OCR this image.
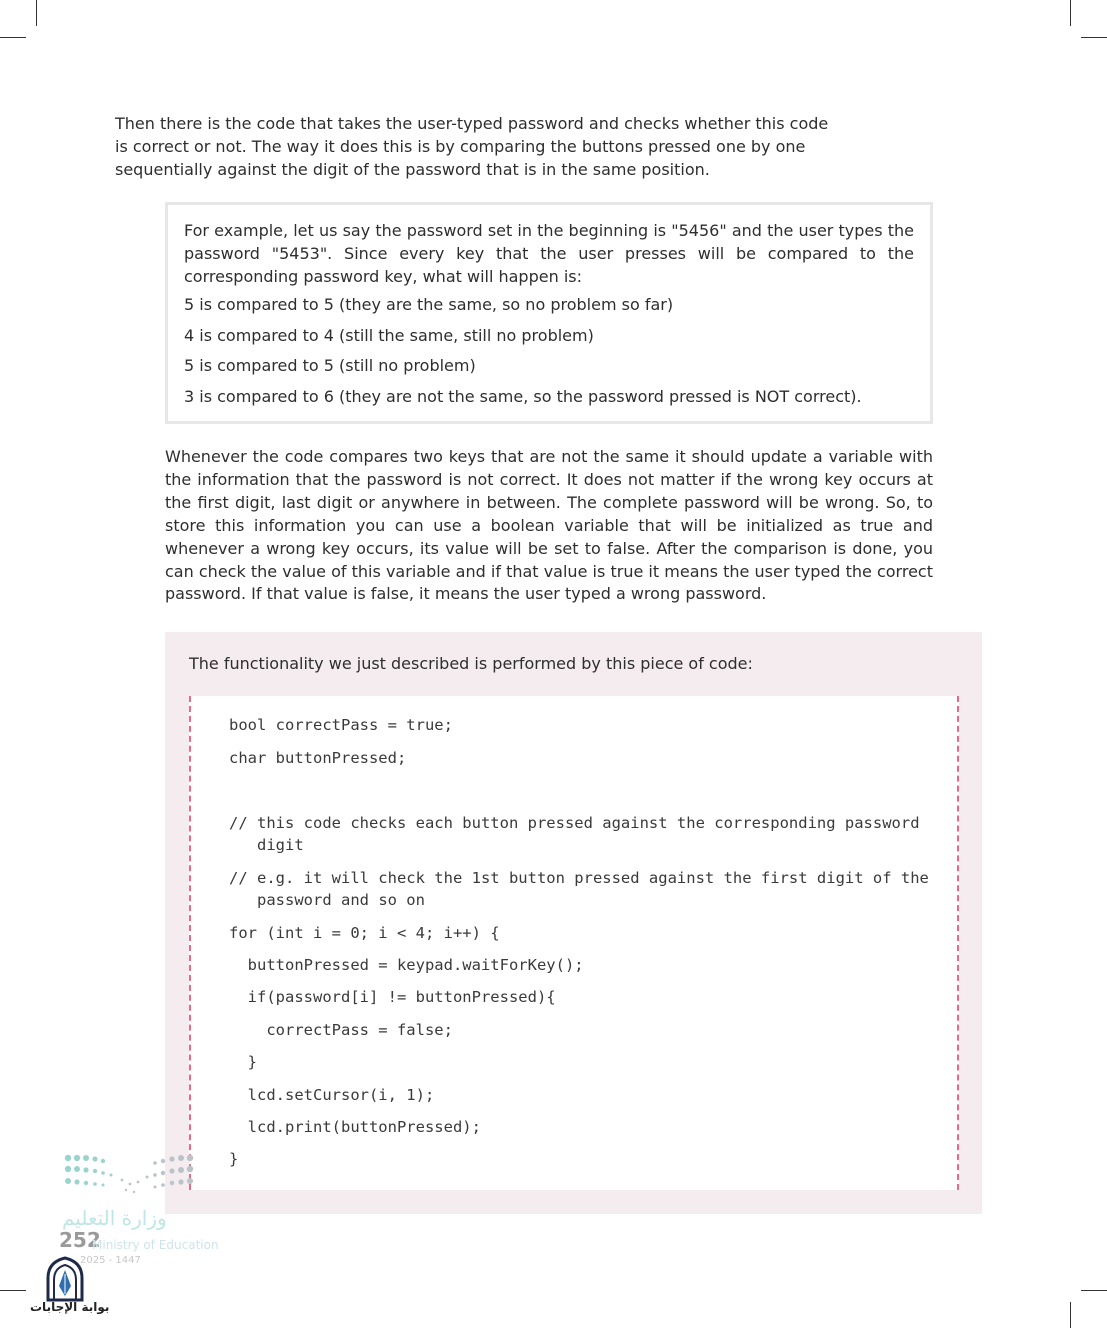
Then there is the code that takes the user-typed password and checks whether this code is correct or not. The way it does this is by comparing the buttons pressed one by one sequentially against the digit of the password that is in the same position.

For example, let us say the password set in the beginning is "5456" and the user types the password "5453". Since every key that the user presses will be compared to the corresponding password key, what will happen is:

5 is compared to 5 (they are the same, so no problem so far)

4 is compared to 4 (still the same, still no problem)

5 is compared to 5 (still no problem)

3 is compared to 6 (they are not the same, so the password pressed is NOT correct).

Whenever the code compares two keys that are not the same it should update a variable with the information that the password is not correct. It does not matter if the wrong key occurs at the first digit, last digit or anywhere in between. The complete password will be wrong. So, to store this information you can use a boolean variable that will be initialized as true and whenever a wrong key occurs, its value will be set to false. After the comparison is done, you can check the value of this variable and if that value is true it means the user typed the correct password. If that value is false, it means the user typed a wrong password.

The functionality we just described is performed by this piece of code:
bool correctPass = true;
char buttonPressed;
// this code checks each button pressed against the corresponding password
digit
// e.g. it will check the 1st button pressed against the first digit of the
password and so on
for (int i = 0; i < 4; i++) {
buttonPressed = keypad.waitForKey();
if(password[i] != buttonPressed){
correctPass = false;
}
lcd.setCursor(i, 1);
lcd.print(buttonPressed);
}
وزارة التعليم
252
Ministry of Education
2025 - 1447
بوابة الإجابات
